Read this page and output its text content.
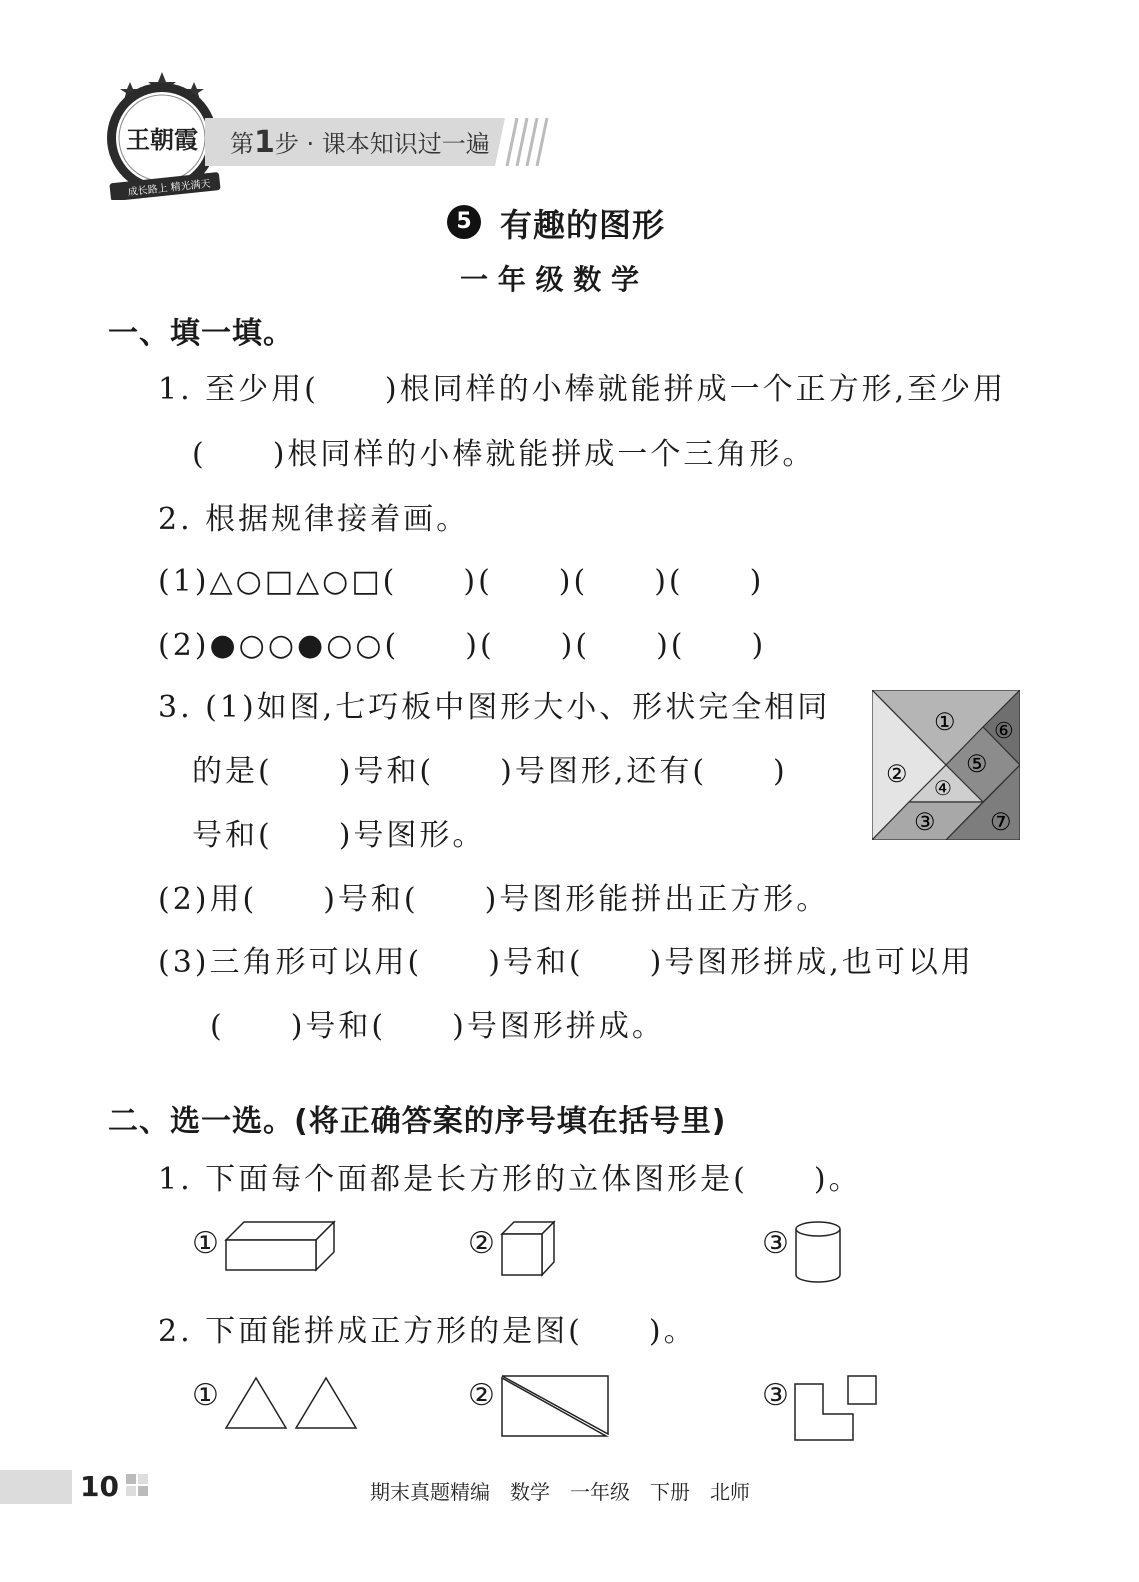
王朝霞
成长路上 精光满天
第1步 · 课本知识过一遍
5 有趣的图形
一 年 级 数 学
一、填一填。
1. 至少用(　　)根同样的小棒就能拼成一个正方形,至少用
(　　)根同样的小棒就能拼成一个三角形。
2. 根据规律接着画。
(1)△○□△○□(　　)(　　)(　　)(　　)
(2)●○○●○○(　　)(　　)(　　)(　　)
3. (1)如图,七巧板中图形大小、形状完全相同
的是(　　)号和(　　)号图形,还有(　　)
号和(　　)号图形。
(2)用(　　)号和(　　)号图形能拼出正方形。
(3)三角形可以用(　　)号和(　　)号图形拼成,也可以用
(　　)号和(　　)号图形拼成。
①
②
③
④
⑤
⑥
⑦
二、选一选。(将正确答案的序号填在括号里)
1. 下面每个面都是长方形的立体图形是(　　)。
①	②	③
2. 下面能拼成正方形的是图(　　)。
①	②	③
10	期末真题精编　数学　一年级　下册　北师
